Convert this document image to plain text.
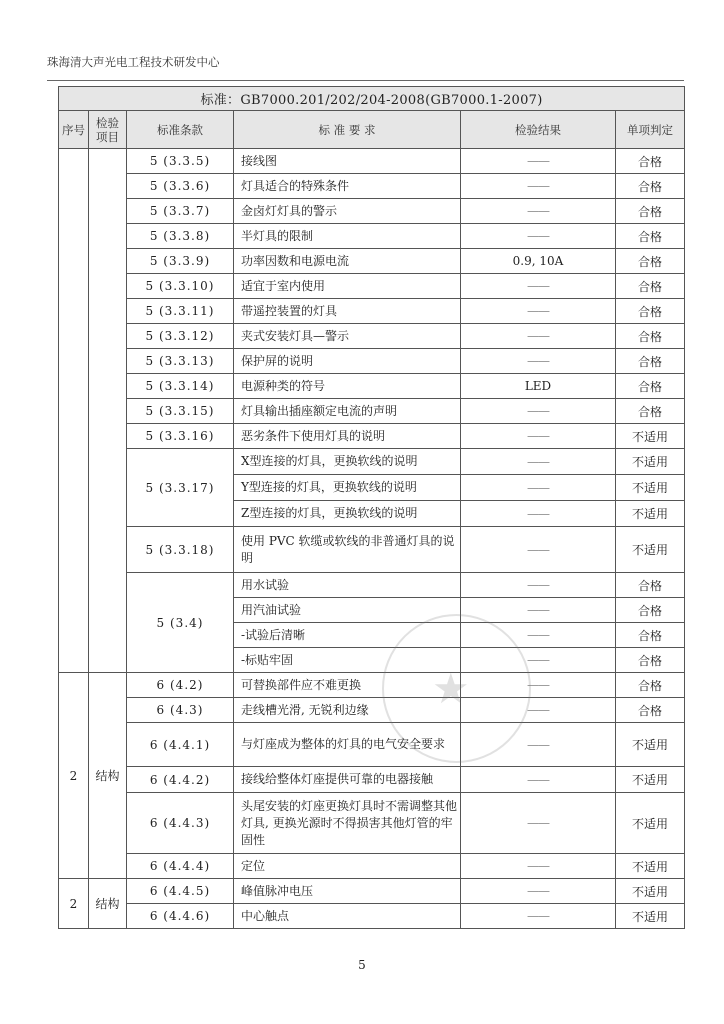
珠海清大声光电工程技术研发中心
标准：GB7000.201/202/204-2008(GB7000.1-2007)					
序号	检验项目	标准条款	标 准 要 求	检验结果	单项判定
		5 (3.3.5)	接线图	——	合格
		5 (3.3.6)	灯具适合的特殊条件	——	合格
		5 (3.3.7)	金卤灯灯具的警示	——	合格
		5 (3.3.8)	半灯具的限制	——	合格
		5 (3.3.9)	功率因数和电源电流	0.9, 10A	合格
		5 (3.3.10)	适宜于室内使用	——	合格
		5 (3.3.11)	带遥控装置的灯具	——	合格
		5 (3.3.12)	夹式安装灯具—警示	——	合格
		5 (3.3.13)	保护屏的说明	——	合格
		5 (3.3.14)	电源种类的符号	LED	合格
		5 (3.3.15)	灯具输出插座额定电流的声明	——	合格
		5 (3.3.16)	恶劣条件下使用灯具的说明	——	不适用
		5 (3.3.17)	X型连接的灯具，更换软线的说明	——	不适用
			Y型连接的灯具，更换软线的说明	——	不适用
			Z型连接的灯具，更换软线的说明	——	不适用
		5 (3.3.18)	使用 PVC 软缆或软线的非普通灯具的说明	——	不适用
		5 (3.4)	用水试验	——	合格
			用汽油试验	——	合格
			-试验后清晰	——	合格
			-标贴牢固	——	合格
2	结构	6 (4.2)	可替换部件应不难更换	——	合格
		6 (4.3)	走线槽光滑, 无锐利边缘	——	合格
		6 (4.4.1)	与灯座成为整体的灯具的电气安全要求	——	不适用
		6 (4.4.2)	接线给整体灯座提供可靠的电器接触	——	不适用
		6 (4.4.3)	头尾安装的灯座更换灯具时不需调整其他灯具, 更换光源时不得损害其他灯管的牢固性	——	不适用
		6 (4.4.4)	定位	——	不适用
2	结构	6 (4.4.5)	峰值脉冲电压	——	不适用
		6 (4.4.6)	中心触点	——	不适用
★
5
